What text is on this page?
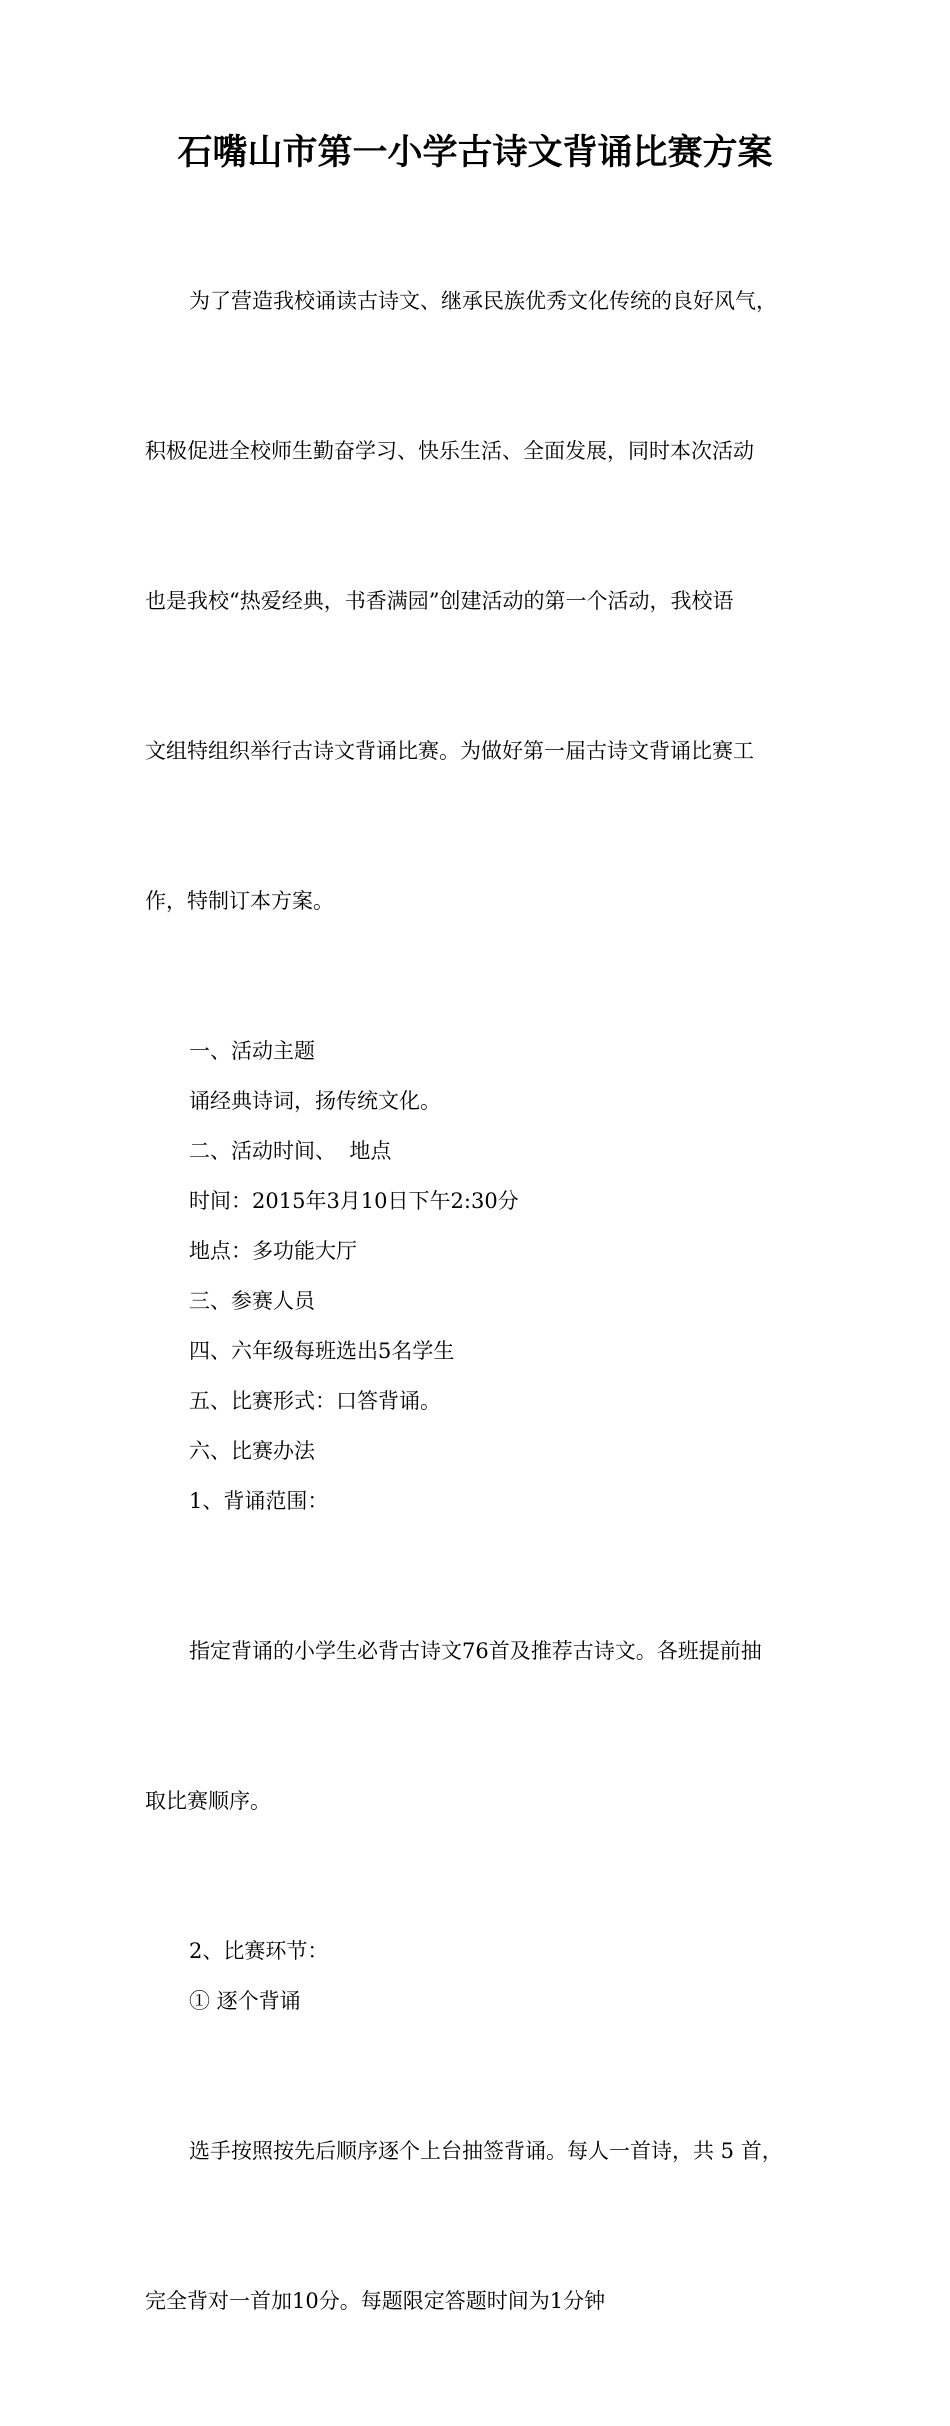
石嘴山市第一小学古诗文背诵比赛方案

为了营造我校诵读古诗文、继承民族优秀文化传统的良好风气，

积极促进全校师生勤奋学习、快乐生活、全面发展，同时本次活动

也是我校“热爱经典，书香满园”创建活动的第一个活动，我校语

文组特组织举行古诗文背诵比赛。为做好第一届古诗文背诵比赛工

作，特制订本方案。

一、活动主题

诵经典诗词，扬传统文化。

二、活动时间、  地点

时间：2015年3月10日下午2:30分

地点：多功能大厅

三、参赛人员

四、六年级每班选出5名学生

五、比赛形式：口答背诵。

六、比赛办法

1、背诵范围：

指定背诵的小学生必背古诗文76首及推荐古诗文。各班提前抽

取比赛顺序。

2、比赛环节：

① 逐个背诵

选手按照按先后顺序逐个上台抽签背诵。每人一首诗，共 5 首，

完全背对一首加10分。每题限定答题时间为1分钟
